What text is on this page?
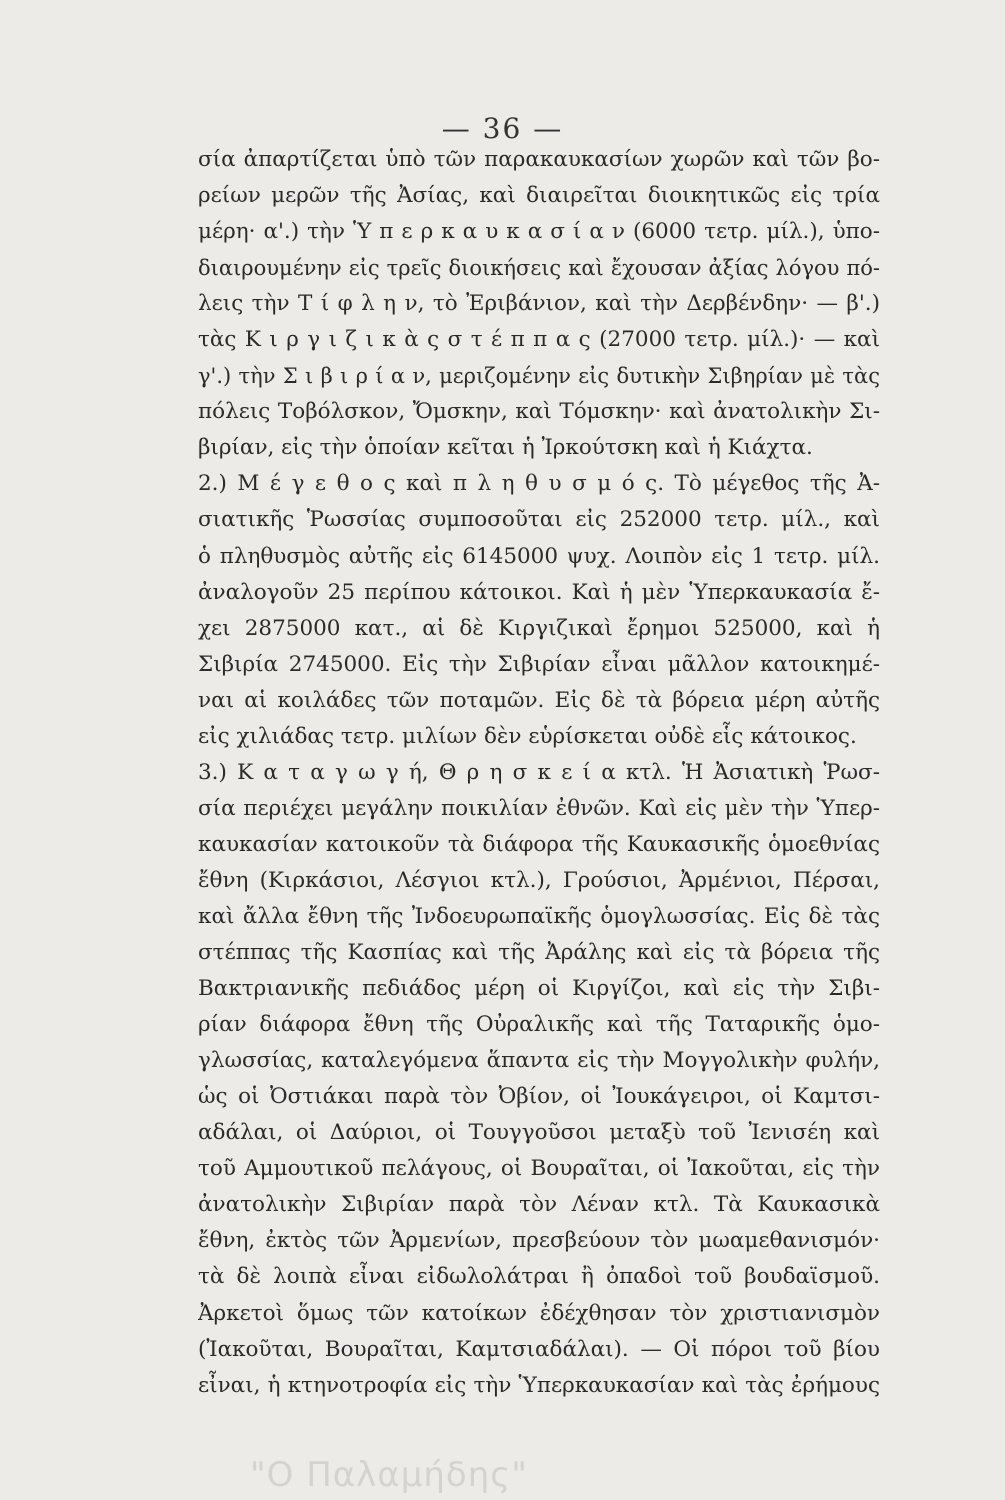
— 36 —
σία ἀπαρτίζεται ὑπὸ τῶν παρακαυκασίων χωρῶν καὶ τῶν βο-
ρείων μερῶν τῆς Ἀσίας, καὶ διαιρεῖται διοικητικῶς εἰς τρία
μέρη· α'.) τὴν Ὑ π ε ρ κ α υ κ α σ ί α ν (6000 τετρ. μίλ.), ὑπο-
διαιρουμένην εἰς τρεῖς διοικήσεις καὶ ἔχουσαν ἀξίας λόγου πό-
λεις τὴν Τ ί φ λ η ν, τὸ Ἐριβάνιον, καὶ τὴν Δερβένδην· — β'.)
τὰς Κ ι ρ γ ι ζ ι κ ὰ ς σ τ έ π π α ς (27000 τετρ. μίλ.)· — καὶ
γ'.) τὴν Σ ι β ι ρ ί α ν, μεριζομένην εἰς δυτικὴν Σιβηρίαν μὲ τὰς
πόλεις Τοβόλσκον, Ὄμσκην, καὶ Τόμσκην· καὶ ἀνατολικὴν Σι-
βιρίαν, εἰς τὴν ὁποίαν κεῖται ἡ Ἰρκούτσκη καὶ ἡ Κιάχτα.
2.) Μ έ γ ε θ ο ς καὶ π λ η θ υ σ μ ό ς. Τὸ μέγεθος τῆς Ἀ-
σιατικῆς Ῥωσσίας συμποσοῦται εἰς 252000 τετρ. μίλ., καὶ
ὁ πληθυσμὸς αὐτῆς εἰς 6145000 ψυχ. Λοιπὸν εἰς 1 τετρ. μίλ.
ἀναλογοῦν 25 περίπου κάτοικοι. Καὶ ἡ μὲν Ὑπερκαυκασία ἔ-
χει 2875000 κατ., αἱ δὲ Κιργιζικαὶ ἔρημοι 525000, καὶ ἡ
Σιβιρία 2745000. Εἰς τὴν Σιβιρίαν εἶναι μᾶλλον κατοικημέ-
ναι αἱ κοιλάδες τῶν ποταμῶν. Εἰς δὲ τὰ βόρεια μέρη αὐτῆς
εἰς χιλιάδας τετρ. μιλίων δὲν εὑρίσκεται οὐδὲ εἷς κάτοικος.
3.) Κ α τ α γ ω γ ή, Θ ρ η σ κ ε ί α κτλ. Ἡ Ἀσιατικὴ Ῥωσ-
σία περιέχει μεγάλην ποικιλίαν ἐθνῶν. Καὶ εἰς μὲν τὴν Ὑπερ-
καυκασίαν κατοικοῦν τὰ διάφορα τῆς Καυκασικῆς ὁμοεθνίας
ἔθνη (Κιρκάσιοι, Λέσγιοι κτλ.), Γρούσιοι, Ἀρμένιοι, Πέρσαι,
καὶ ἄλλα ἔθνη τῆς Ἰνδοευρωπαϊκῆς ὁμογλωσσίας. Εἰς δὲ τὰς
στέππας τῆς Κασπίας καὶ τῆς Ἀράλης καὶ εἰς τὰ βόρεια τῆς
Βακτριανικῆς πεδιάδος μέρη οἱ Κιργίζοι, καὶ εἰς τὴν Σιβι-
ρίαν διάφορα ἔθνη τῆς Οὐραλικῆς καὶ τῆς Ταταρικῆς ὁμο-
γλωσσίας, καταλεγόμενα ἅπαντα εἰς τὴν Μογγολικὴν φυλήν,
ὡς οἱ Ὀστιάκαι παρὰ τὸν Ὀβίον, οἱ Ἰουκάγειροι, οἱ Καμτσι-
αδάλαι, οἱ Δαύριοι, οἱ Τουγγοῦσοι μεταξὺ τοῦ Ἰενισέη καὶ
τοῦ Αμμουτικοῦ πελάγους, οἱ Βουραῖται, οἱ Ἰακοῦται, εἰς τὴν
ἀνατολικὴν Σιβιρίαν παρὰ τὸν Λέναν κτλ. Τὰ Καυκασικὰ
ἔθνη, ἐκτὸς τῶν Ἀρμενίων, πρεσβεύουν τὸν μωαμεθανισμόν·
τὰ δὲ λοιπὰ εἶναι εἰδωλολάτραι ἢ ὀπαδοὶ τοῦ βουδαϊσμοῦ.
Ἀρκετοὶ ὅμως τῶν κατοίκων ἐδέχθησαν τὸν χριστιανισμὸν
(Ἰακοῦται, Βουραῖται, Καμτσιαδάλαι). — Οἱ πόροι τοῦ βίου
εἶναι, ἡ κτηνοτροφία εἰς τὴν Ὑπερκαυκασίαν καὶ τὰς ἐρήμους
"Ο Παλαμήδης"
